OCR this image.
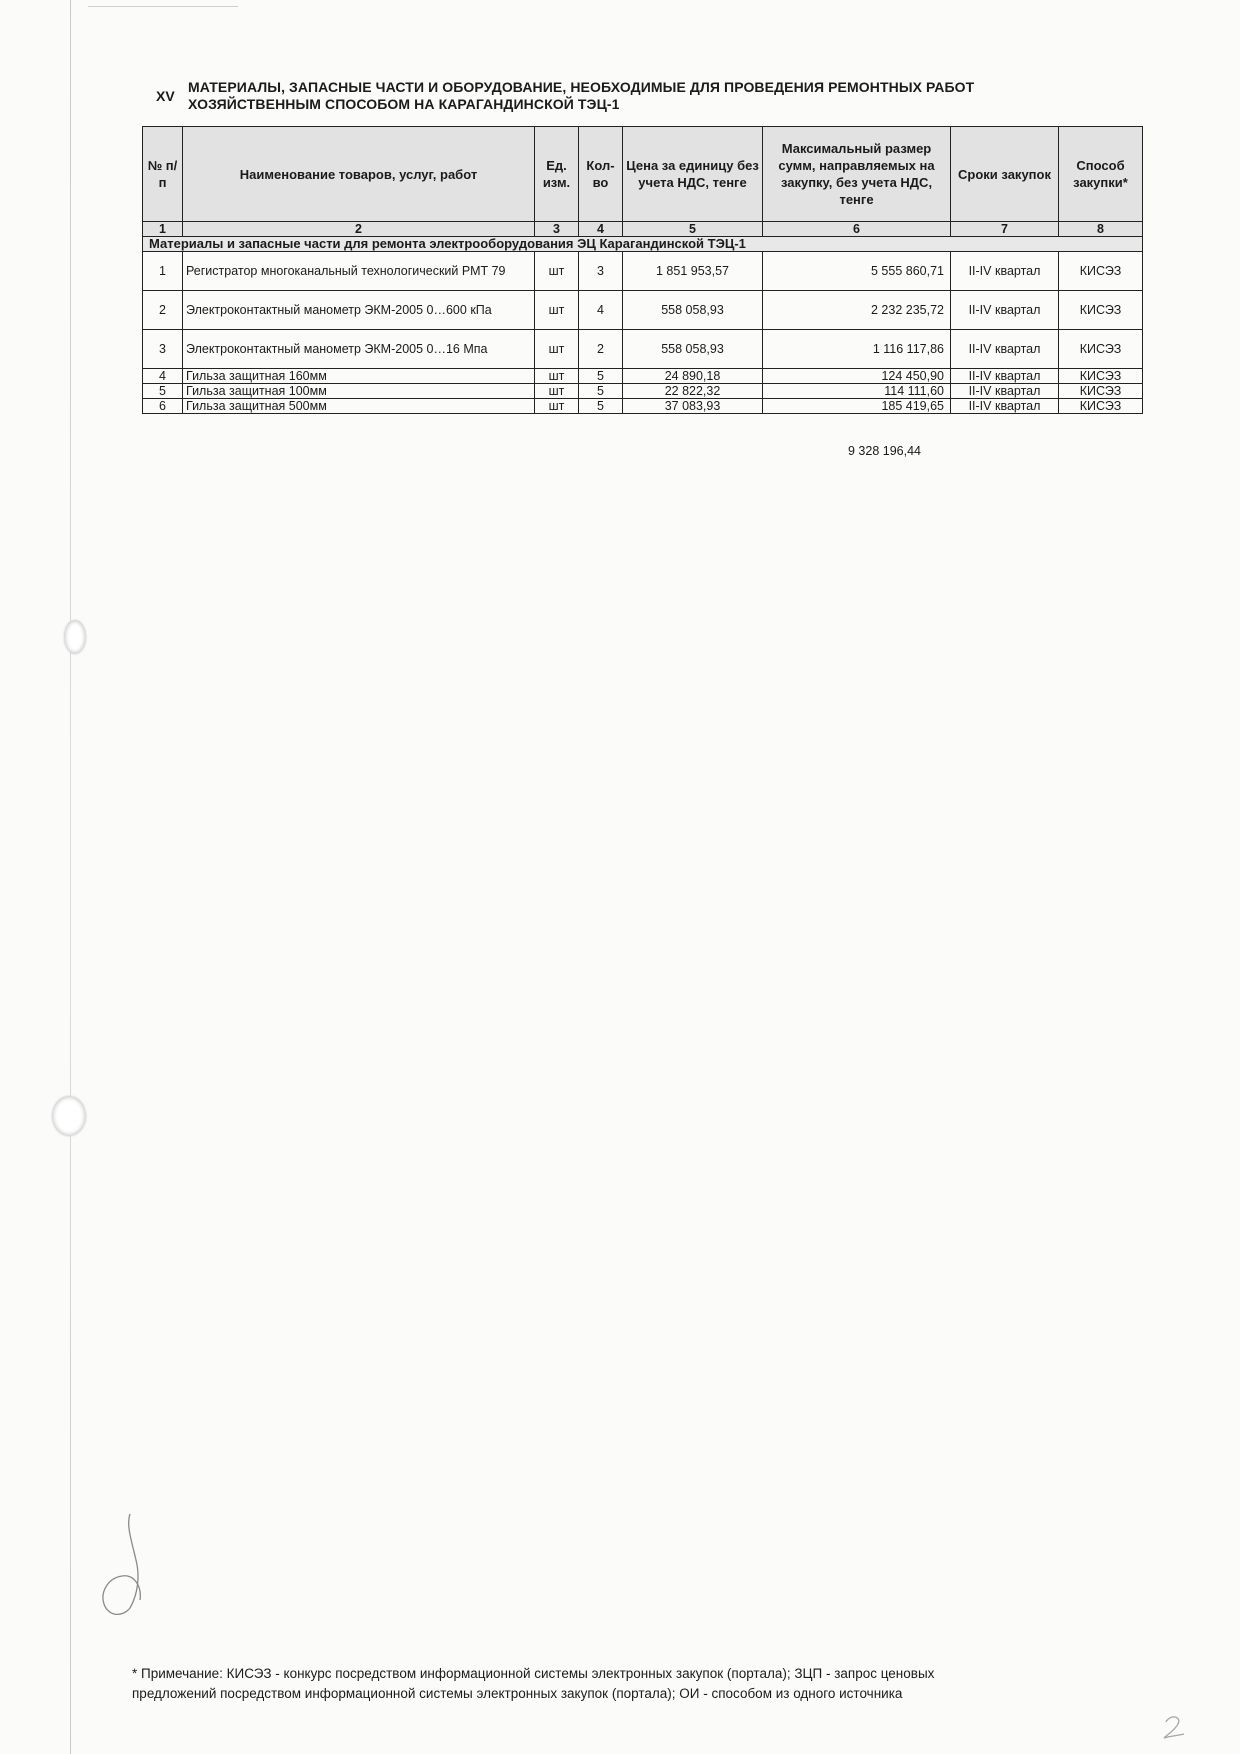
XV
МАТЕРИАЛЫ, ЗАПАСНЫЕ ЧАСТИ И ОБОРУДОВАНИЕ, НЕОБХОДИМЫЕ ДЛЯ ПРОВЕДЕНИЯ РЕМОНТНЫХ РАБОТ
ХОЗЯЙСТВЕННЫМ СПОСОБОМ НА КАРАГАНДИНСКОЙ ТЭЦ-1
№ п/п	Наименование товаров, услуг, работ	Ед. изм.	Кол-во	Цена за единицу без учета НДС, тенге	Максимальный размер сумм, направляемых на закупку, без учета НДС, тенге	Сроки закупок	Способ закупки*
1	2	3	4	5	6	7	8
Материалы и запасные части для ремонта электрооборудования ЭЦ Карагандинской ТЭЦ-1							
1	Регистратор многоканальный технологический РМТ 79	шт	3	1 851 953,57	5 555 860,71	II-IV квартал	КИСЭЗ
2	Электроконтактный манометр ЭКМ-2005 0…600 кПа	шт	4	558 058,93	2 232 235,72	II-IV квартал	КИСЭЗ
3	Электроконтактный манометр ЭКМ-2005 0…16 Мпа	шт	2	558 058,93	1 116 117,86	II-IV квартал	КИСЭЗ
4	Гильза защитная 160мм	шт	5	24 890,18	124 450,90	II-IV квартал	КИСЭЗ
5	Гильза защитная 100мм	шт	5	22 822,32	114 111,60	II-IV квартал	КИСЭЗ
6	Гильза защитная 500мм	шт	5	37 083,93	185 419,65	II-IV квартал	КИСЭЗ
9 328 196,44
* Примечание: КИСЭЗ - конкурс посредством информационной системы электронных закупок (портала); ЗЦП - запрос ценовых
предложений посредством информационной системы электронных закупок (портала); ОИ - способом из одного источника
